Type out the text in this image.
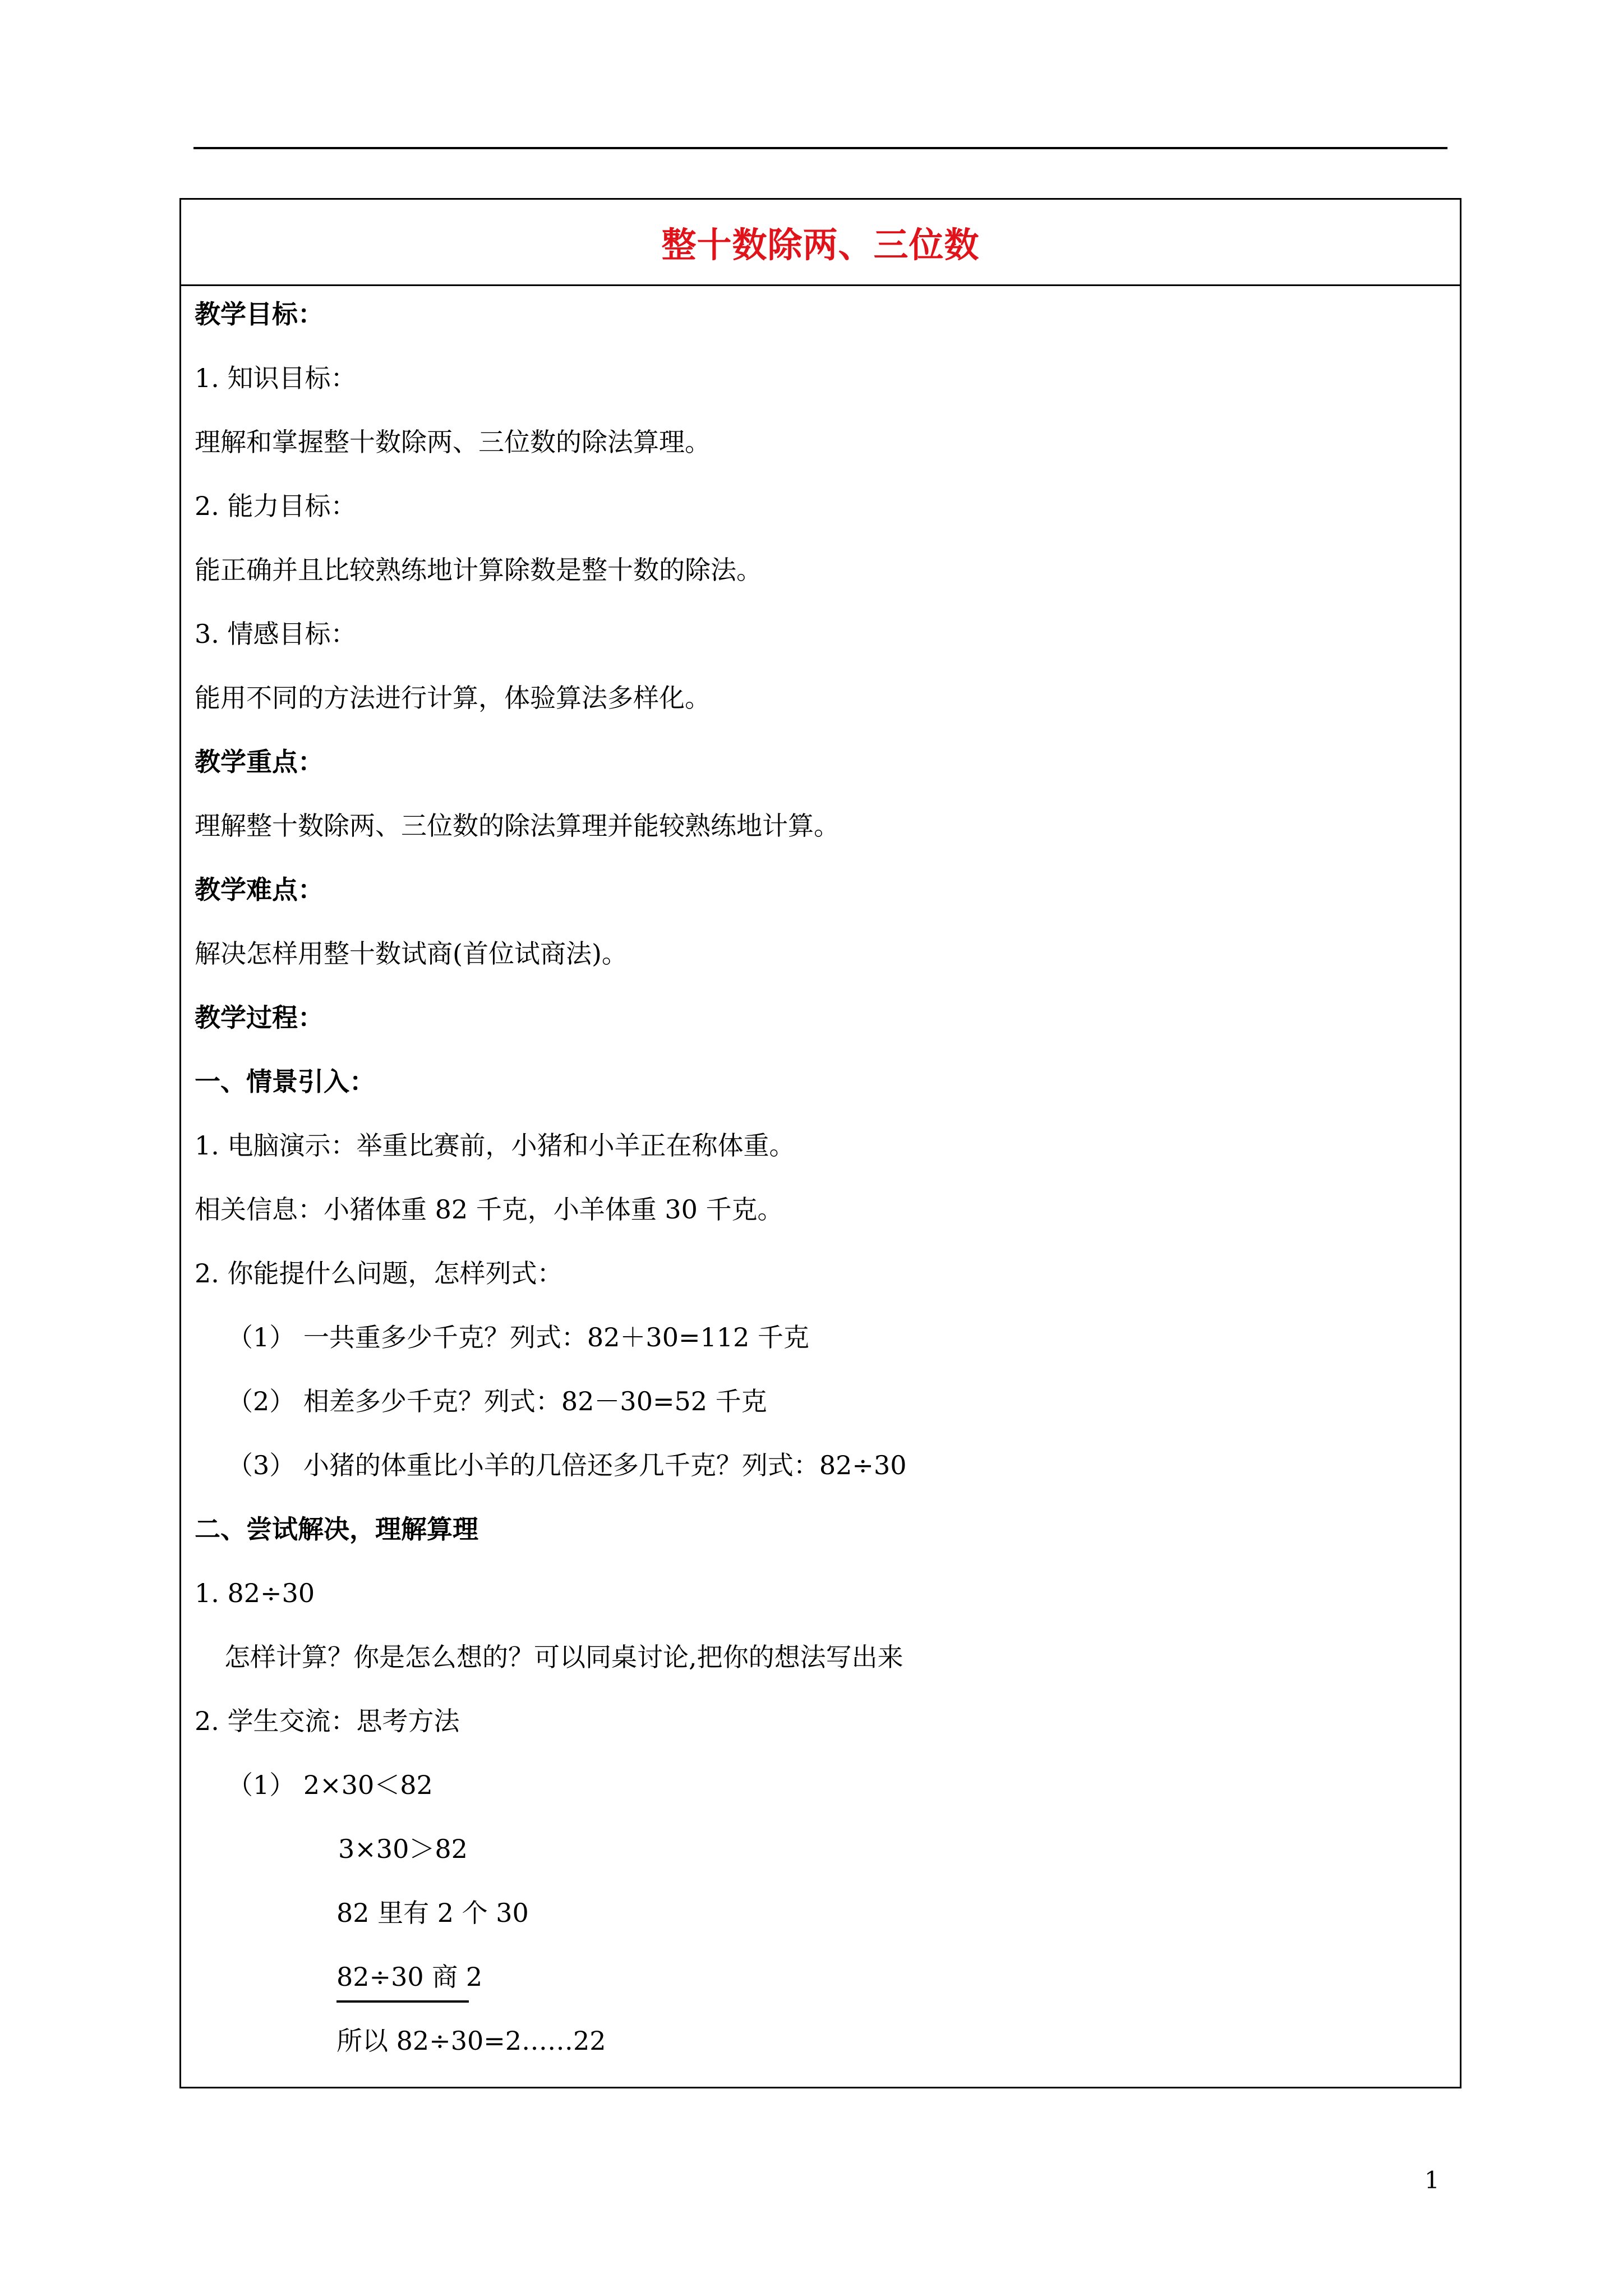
整十数除两、三位数
教学目标：
1. 知识目标：
理解和掌握整十数除两、三位数的除法算理。
2. 能力目标：
能正确并且比较熟练地计算除数是整十数的除法。
3. 情感目标：
能用不同的方法进行计算，体验算法多样化。
教学重点：
理解整十数除两、三位数的除法算理并能较熟练地计算。
教学难点：
解决怎样用整十数试商(首位试商法)。
教学过程：
一、情景引入：
1. 电脑演示：举重比赛前，小猪和小羊正在称体重。
相关信息：小猪体重 82 千克，小羊体重 30 千克。
2. 你能提什么问题，怎样列式：
（1） 一共重多少千克？列式：82＋30=112 千克
（2） 相差多少千克？列式：82－30=52 千克
（3） 小猪的体重比小羊的几倍还多几千克？列式：82÷30
二、尝试解决，理解算理
1. 82÷30
怎样计算？你是怎么想的？可以同桌讨论,把你的想法写出来
2. 学生交流：思考方法
（1） 2×30＜82
3×30＞82
82 里有 2 个 30
82÷30 商 2
所以 82÷30=2……22
1
